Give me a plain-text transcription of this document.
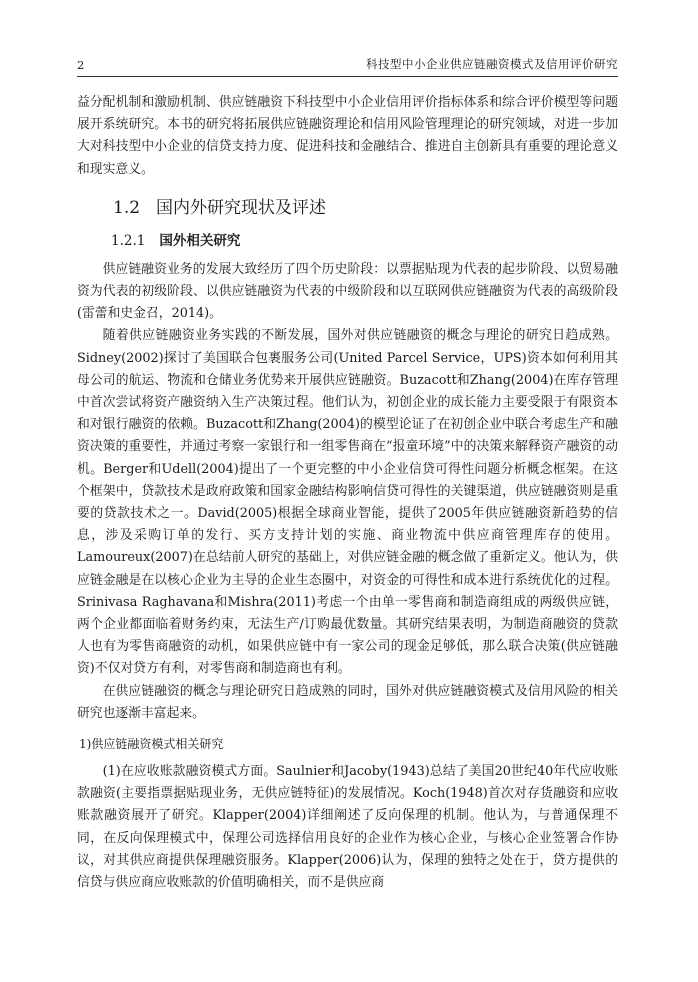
2	科技型中小企业供应链融资模式及信用评价研究

益分配机制和激励机制、供应链融资下科技型中小企业信用评价指标体系和综合评价模型等问题展开系统研究。本书的研究将拓展供应链融资理论和信用风险管理理论的研究领域，对进一步加大对科技型中小企业的信贷支持力度、促进科技和金融结合、推进自主创新具有重要的理论意义和现实意义。

1.2 国内外研究现状及评述
1.2.1 国外相关研究

供应链融资业务的发展大致经历了四个历史阶段：以票据贴现为代表的起步阶段、以贸易融资为代表的初级阶段、以供应链融资为代表的中级阶段和以互联网供应链融资为代表的高级阶段(雷蕾和史金召，2014)。

随着供应链融资业务实践的不断发展，国外对供应链融资的概念与理论的研究日趋成熟。Sidney(2002)探讨了美国联合包裹服务公司(United Parcel Service，UPS)资本如何利用其母公司的航运、物流和仓储业务优势来开展供应链融资。Buzacott和Zhang(2004)在库存管理中首次尝试将资产融资纳入生产决策过程。他们认为，初创企业的成长能力主要受限于有限资本和对银行融资的依赖。Buzacott和Zhang(2004)的模型论证了在初创企业中联合考虑生产和融资决策的重要性，并通过考察一家银行和一组零售商在“报童环境”中的决策来解释资产融资的动机。Berger和Udell(2004)提出了一个更完整的中小企业信贷可得性问题分析概念框架。在这个框架中，贷款技术是政府政策和国家金融结构影响信贷可得性的关键渠道，供应链融资则是重要的贷款技术之一。David(2005)根据全球商业智能，提供了2005年供应链融资新趋势的信息，涉及采购订单的发行、买方支持计划的实施、商业物流中供应商管理库存的使用。Lamoureux(2007)在总结前人研究的基础上，对供应链金融的概念做了重新定义。他认为，供应链金融是在以核心企业为主导的企业生态圈中，对资金的可得性和成本进行系统优化的过程。Srinivasa Raghavana和Mishra(2011)考虑一个由单一零售商和制造商组成的两级供应链，两个企业都面临着财务约束，无法生产/订购最优数量。其研究结果表明，为制造商融资的贷款人也有为零售商融资的动机，如果供应链中有一家公司的现金足够低，那么联合决策(供应链融资)不仅对贷方有利，对零售商和制造商也有利。

在供应链融资的概念与理论研究日趋成熟的同时，国外对供应链融资模式及信用风险的相关研究也逐渐丰富起来。

1)供应链融资模式相关研究

(1)在应收账款融资模式方面。Saulnier和Jacoby(1943)总结了美国20世纪40年代应收账款融资(主要指票据贴现业务，无供应链特征)的发展情况。Koch(1948)首次对存货融资和应收账款融资展开了研究。Klapper(2004)详细阐述了反向保理的机制。他认为，与普通保理不同，在反向保理模式中，保理公司选择信用良好的企业作为核心企业，与核心企业签署合作协议，对其供应商提供保理融资服务。Klapper(2006)认为，保理的独特之处在于，贷方提供的信贷与供应商应收账款的价值明确相关，而不是供应商
